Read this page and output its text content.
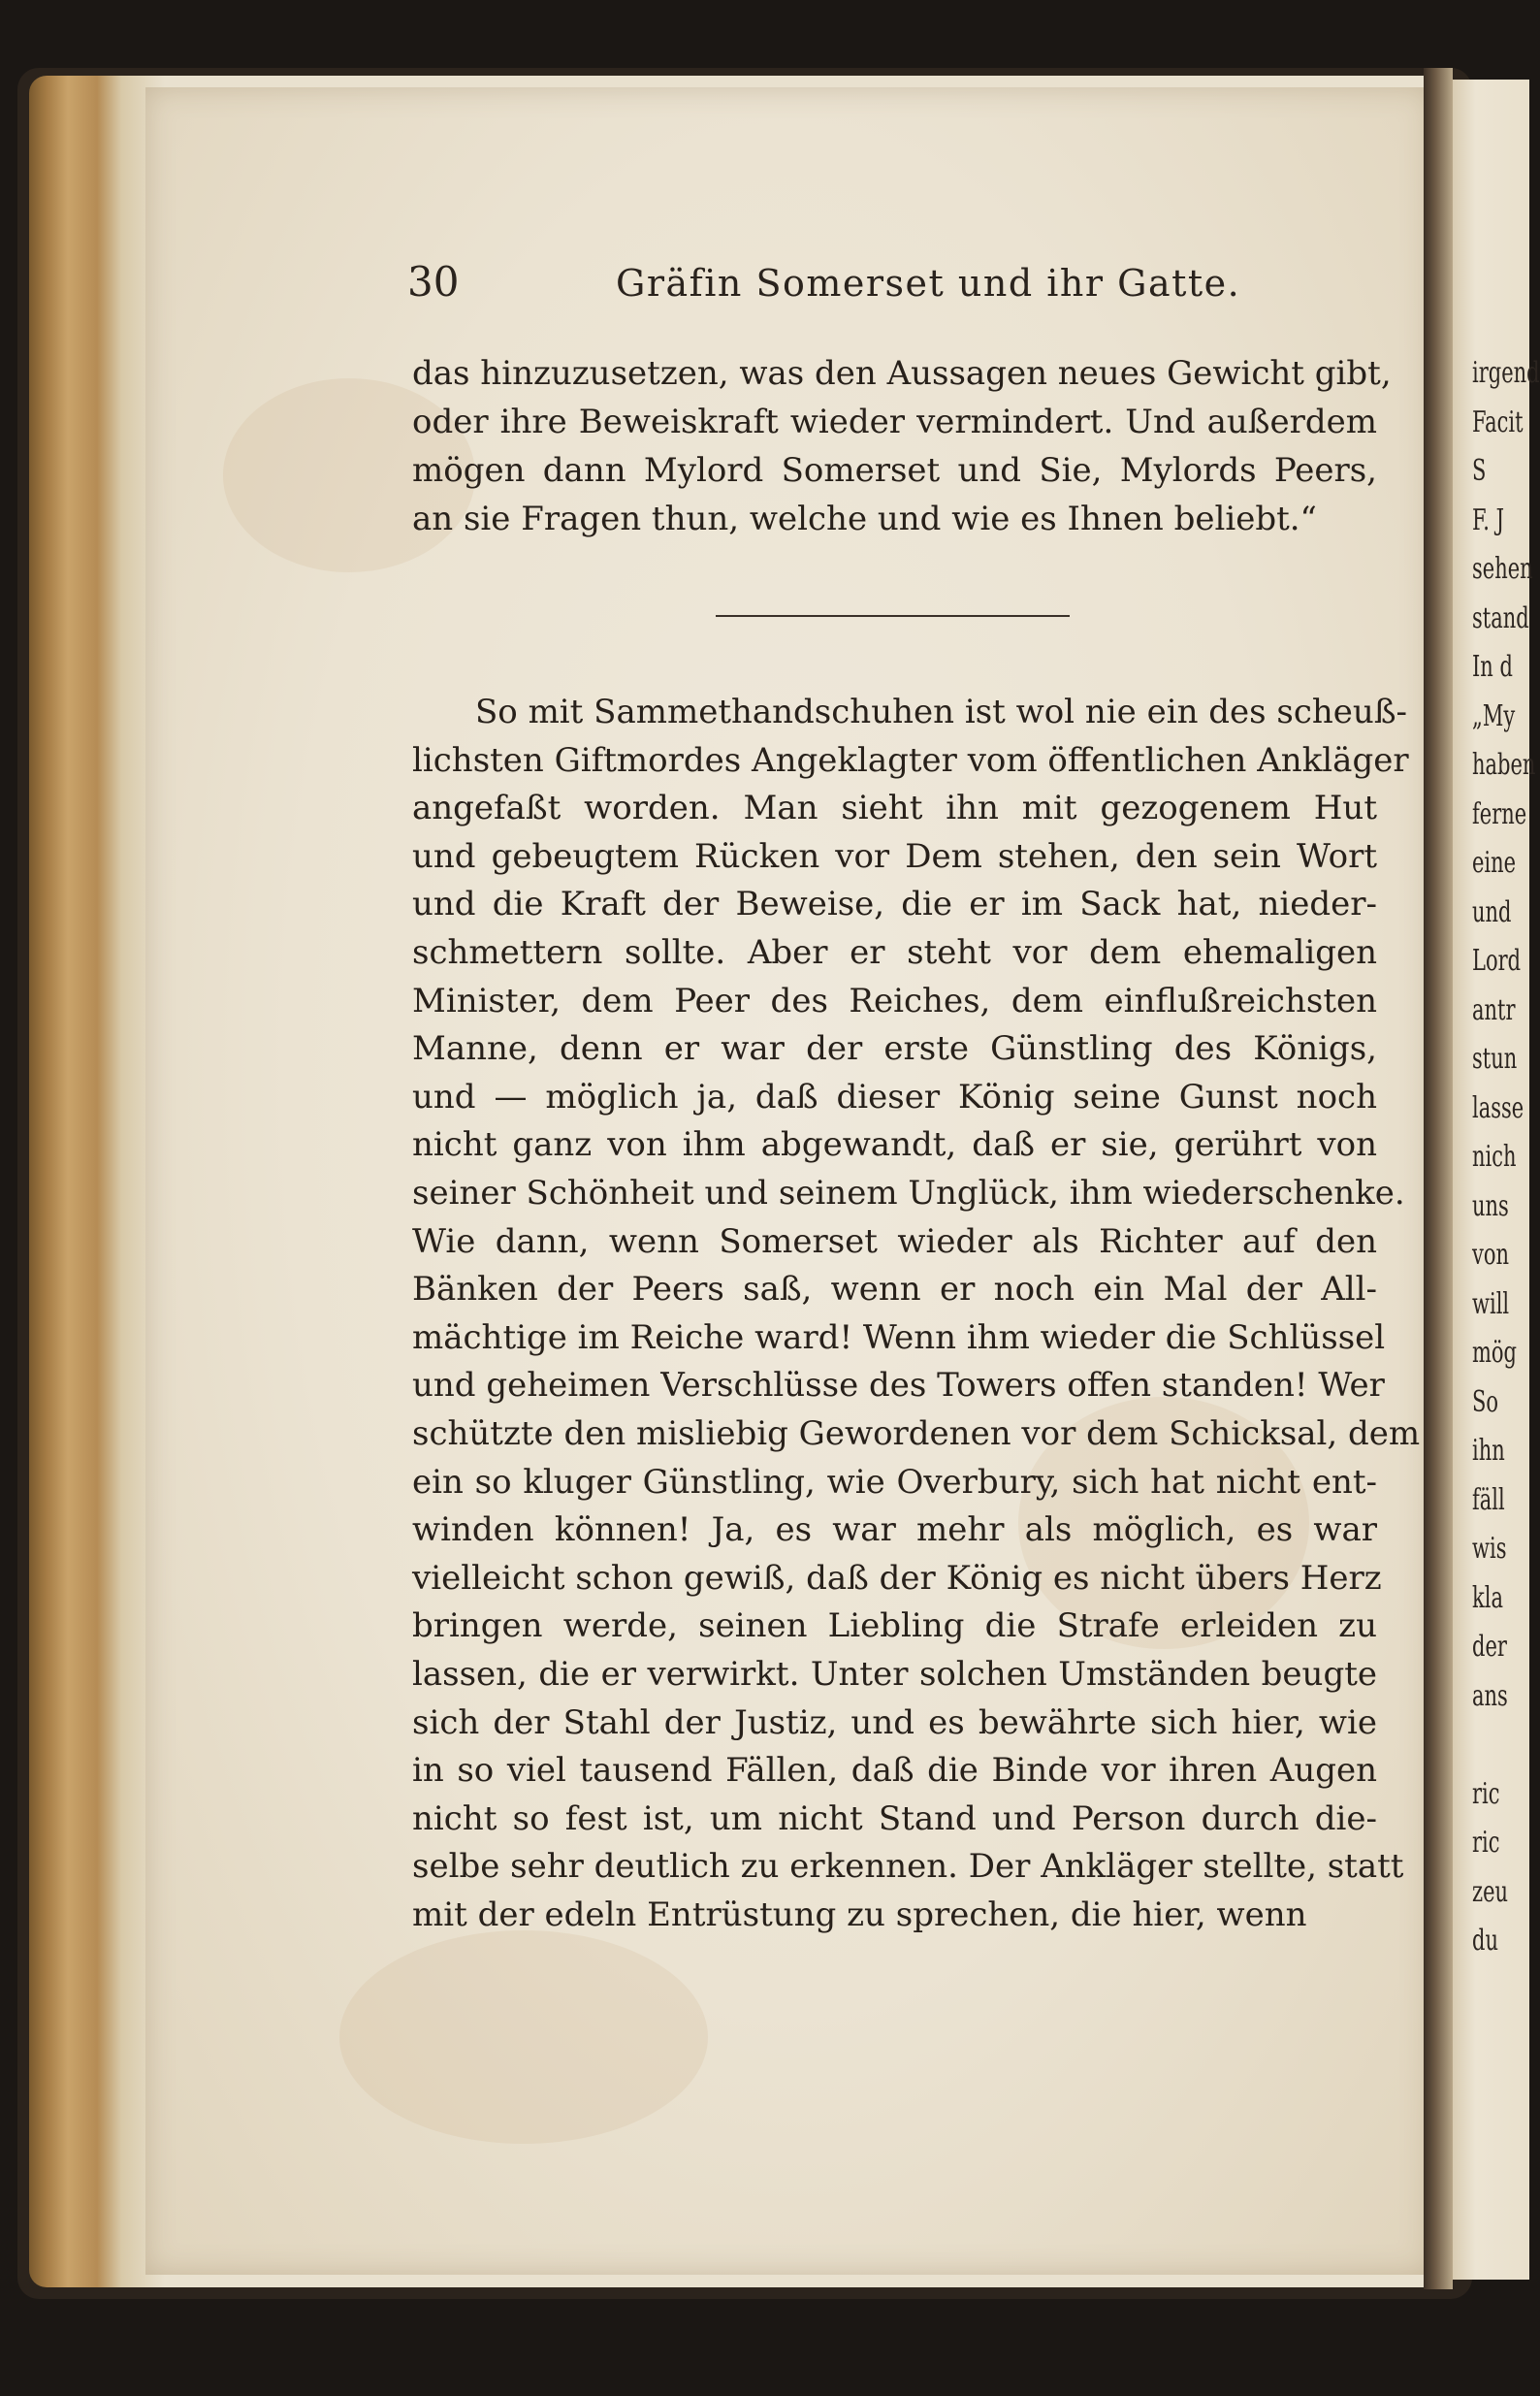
irgend
Facit
S
F. J
sehen
stand
In d
„My
haben
ferne
eine
und
Lord
antr
stun
lasse
nich
uns
von
will
mög
So
ihn
fäll
wis
kla
der
ans
ric
ric
zeu
du
30	Gräfin Somerset und ihr Gatte.
das hinzuzusetzen, was den Aussagen neues Gewicht gibt,
oder ihre Beweiskraft wieder vermindert. Und außerdem
mögen dann Mylord Somerset und Sie, Mylords Peers,
an sie Fragen thun, welche und wie es Ihnen beliebt.“
So mit Sammethandschuhen ist wol nie ein des scheuß-
lichsten Giftmordes Angeklagter vom öffentlichen Ankläger
angefaßt worden. Man sieht ihn mit gezogenem Hut
und gebeugtem Rücken vor Dem stehen, den sein Wort
und die Kraft der Beweise, die er im Sack hat, nieder-
schmettern sollte. Aber er steht vor dem ehemaligen
Minister, dem Peer des Reiches, dem einflußreichsten
Manne, denn er war der erste Günstling des Königs,
und — möglich ja, daß dieser König seine Gunst noch
nicht ganz von ihm abgewandt, daß er sie, gerührt von
seiner Schönheit und seinem Unglück, ihm wiederschenke.
Wie dann, wenn Somerset wieder als Richter auf den
Bänken der Peers saß, wenn er noch ein Mal der All-
mächtige im Reiche ward! Wenn ihm wieder die Schlüssel
und geheimen Verschlüsse des Towers offen standen! Wer
schützte den misliebig Gewordenen vor dem Schicksal, dem
ein so kluger Günstling, wie Overbury, sich hat nicht ent-
winden können! Ja, es war mehr als möglich, es war
vielleicht schon gewiß, daß der König es nicht übers Herz
bringen werde, seinen Liebling die Strafe erleiden zu
lassen, die er verwirkt. Unter solchen Umständen beugte
sich der Stahl der Justiz, und es bewährte sich hier, wie
in so viel tausend Fällen, daß die Binde vor ihren Augen
nicht so fest ist, um nicht Stand und Person durch die-
selbe sehr deutlich zu erkennen. Der Ankläger stellte, statt
mit der edeln Entrüstung zu sprechen, die hier, wenn
